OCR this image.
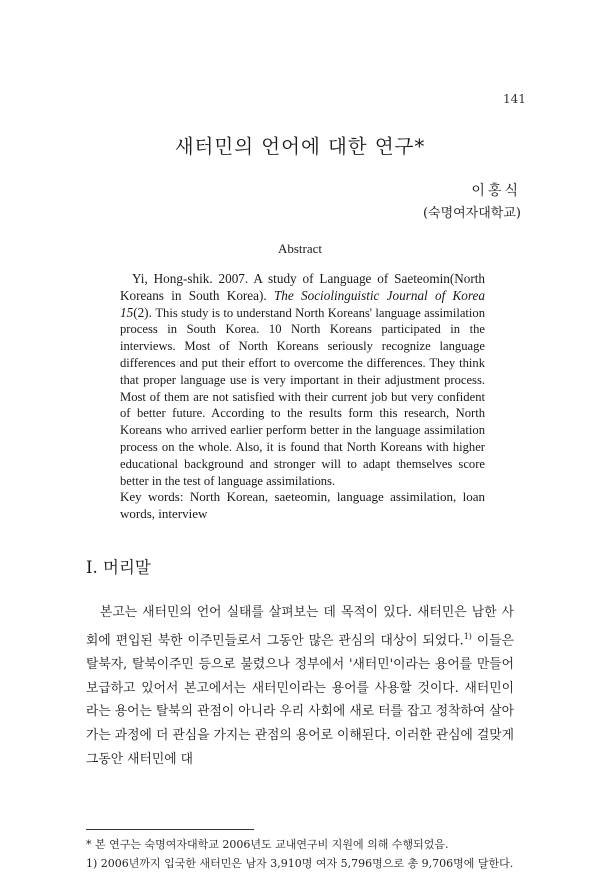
141
새터민의 언어에 대한 연구*
이홍식
(숙명여자대학교)
Abstract

Yi, Hong-shik. 2007. A study of Language of Saeteomin(North Koreans in South Korea). The Sociolinguistic Journal of Korea 15(2). This study is to understand North Koreans' language assimilation process in South Korea. 10 North Koreans participated in the interviews. Most of North Koreans seriously recognize language differences and put their effort to overcome the differences. They think that proper language use is very important in their adjustment process. Most of them are not satisfied with their current job but very confident of better future. According to the results form this research, North Koreans who arrived earlier perform better in the language assimilation process on the whole. Also, it is found that North Koreans with higher educational background and stronger will to adapt themselves score better in the test of language assimilations.

Key words: North Korean, saeteomin, language assimilation, loan words, interview

Ⅰ. 머리말

본고는 새터민의 언어 실태를 살펴보는 데 목적이 있다. 새터민은 남한 사회에 편입된 북한 이주민들로서 그동안 많은 관심의 대상이 되었다.$^{1)}$ 이들은 탈북자, 탈북이주민 등으로 불렸으나 정부에서 '새터민'이라는 용어를 만들어 보급하고 있어서 본고에서는 새터민이라는 용어를 사용할 것이다. 새터민이라는 용어는 탈북의 관점이 아니라 우리 사회에 새로 터를 잡고 정착하여 살아가는 과정에 더 관심을 가지는 관점의 용어로 이해된다. 이러한 관심에 걸맞게 그동안 새터민에 대

* 본 연구는 숙명여자대학교 2006년도 교내연구비 지원에 의해 수행되었음.
1) 2006년까지 입국한 새터민은 남자 3,910명 여자 5,796명으로 총 9,706명에 달한다.
